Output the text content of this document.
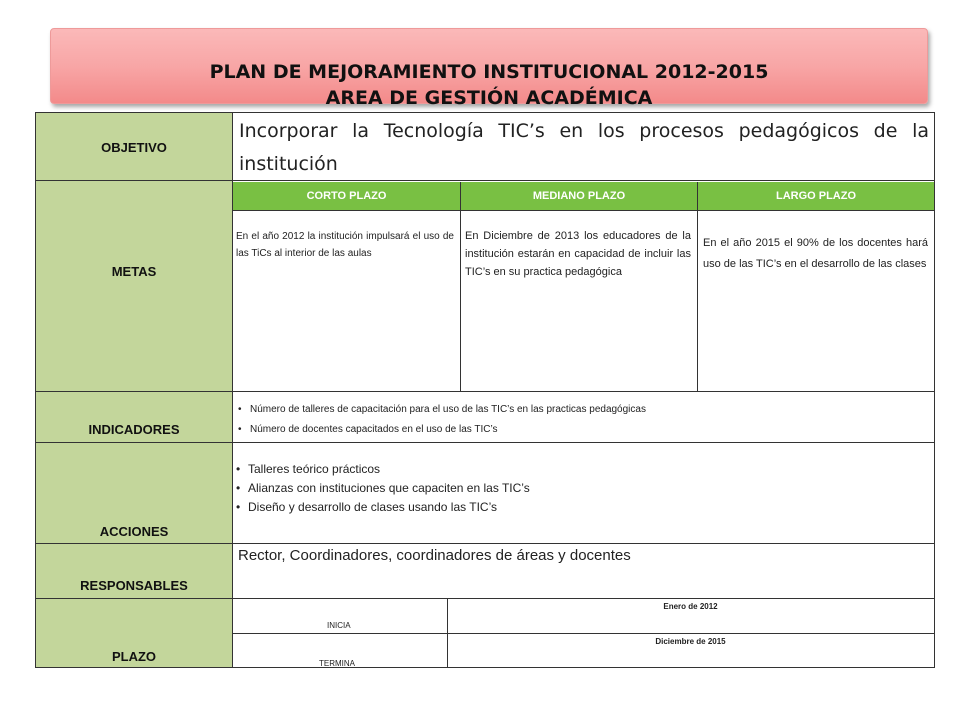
PLAN DE MEJORAMIENTO INSTITUCIONAL 2012-2015
AREA DE GESTIÓN ACADÉMICA
OBJETIVO
Incorporar la Tecnología TIC’s en los procesos pedagógicos de la institución
METAS
CORTO PLAZO	MEDIANO PLAZO	LARGO PLAZO
En el año 2012 la institución impulsará el uso de las TiCs al interior de las aulas
En Diciembre de 2013 los educadores de la institución estarán en capacidad de incluir las TIC’s en su practica pedagógica
En el año 2015 el 90% de los docentes hará uso de las TIC’s en el desarrollo de las clases
INDICADORES
• Número de talleres de capacitación para el uso de las TIC’s en las practicas pedagógicas
• Número de docentes capacitados en el uso de las TIC’s
ACCIONES
• Talleres teórico prácticos
• Alianzas con instituciones que capaciten en las TIC’s
• Diseño y desarrollo de clases usando las TIC’s
RESPONSABLES
Rector, Coordinadores, coordinadores de áreas y docentes
PLAZO
INICIA
Enero de 2012
TERMINA
Diciembre de 2015
